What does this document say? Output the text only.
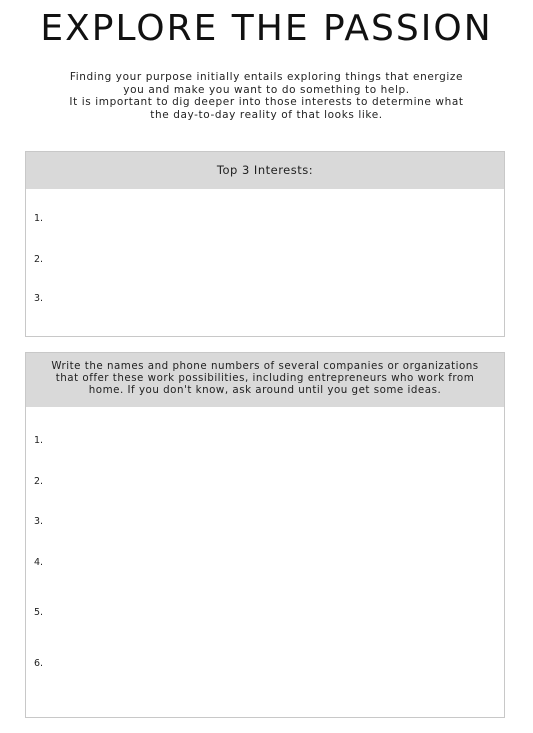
EXPLORE THE PASSION
Finding your purpose initially entails exploring things that energize
you and make you want to do something to help.
It is important to dig deeper into those interests to determine what
the day-to-day reality of that looks like.
Top 3 Interests:
1.
2.
3.
Write the names and phone numbers of several companies or organizations
that offer these work possibilities, including entrepreneurs who work from
home. If you don't know, ask around until you get some ideas.
1.
2.
3.
4.
5.
6.
